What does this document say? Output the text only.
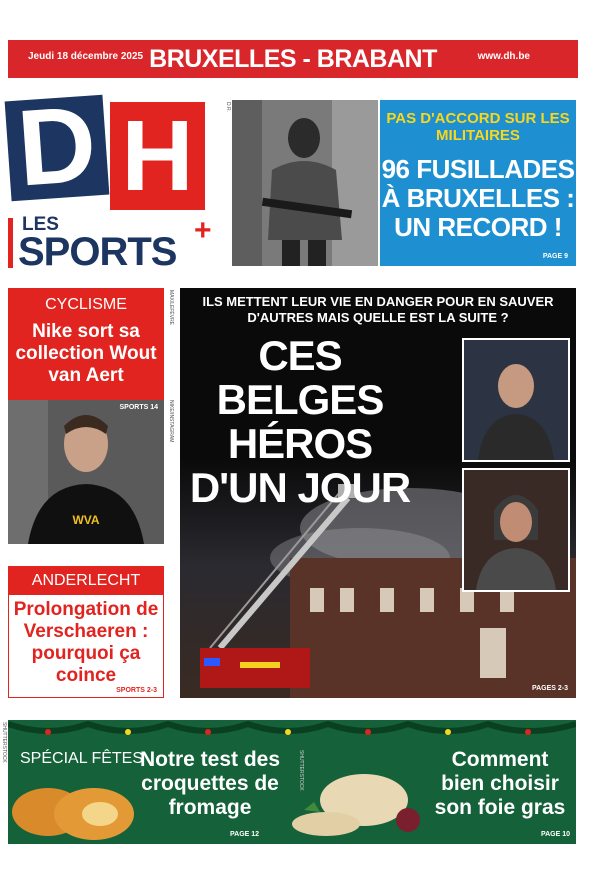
Jeudi 18 décembre 2025 BRUXELLES - BRABANT	www.dh.be
D H
LES
SPORTS +
D.R.
PAS D'ACCORD SUR LES MILITAIRES
96 FUSILLADES À BRUXELLES : UN RECORD !
PAGE 9
CYCLISME
Nike sort sa collection Wout van Aert
WVA
SPORTS 14 NIKE/INSTAGRAM
ANDERLECHT
Prolongation de Verschaeren : pourquoi ça coince
SPORTS 2-3
ILS METTENT LEUR VIE EN DANGER POUR EN SAUVER D'AUTRES MAIS QUELLE EST LA SUITE ?
CES BELGES HÉROS D'UN JOUR
PAGES 2-3
MAX/LEFÈVRE
SPÉCIAL FÊTES
Notre test des croquettes de fromage
PAGE 12
SHUTTERSTOCK	Comment bien choisir son foie gras
PAGE 10
SHUTTERSTOCK
